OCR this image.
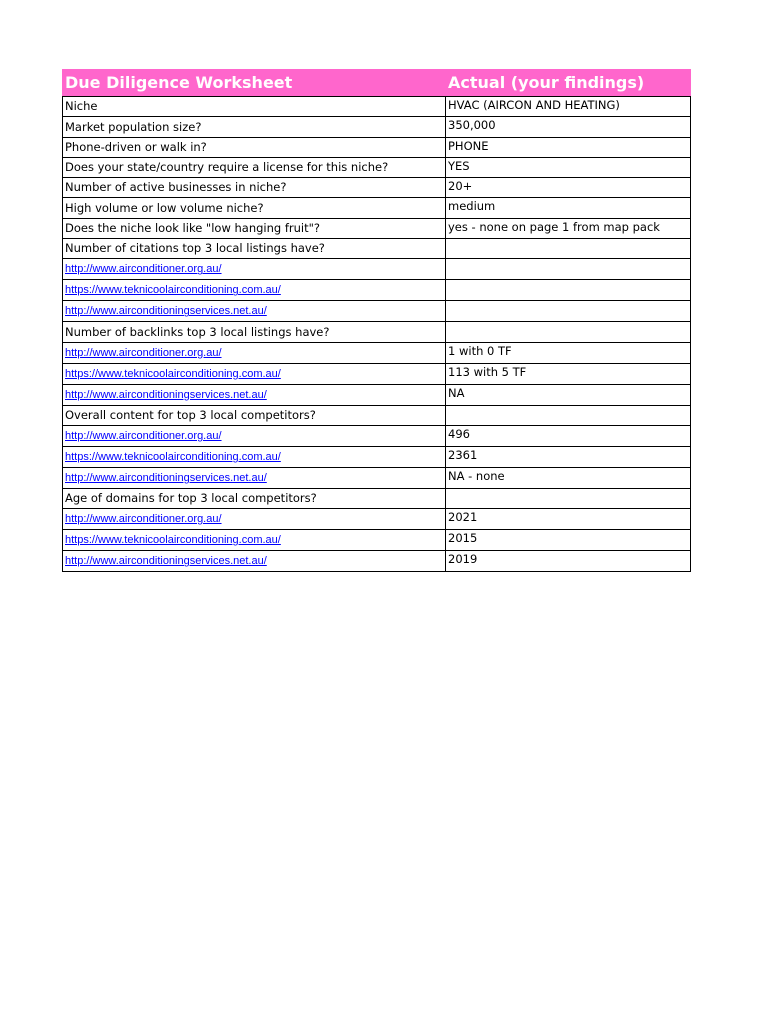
Due Diligence Worksheet	Actual (your findings)
Niche	HVAC (AIRCON AND HEATING)
Market population size?	350,000
Phone-driven or walk in?	PHONE
Does your state/country require a license for this niche?	YES
Number of active businesses in niche?	20+
High volume or low volume niche?	medium
Does the niche look like "low hanging fruit"?	yes - none on page 1 from map pack
Number of citations top 3 local listings have?	
http://www.airconditioner.org.au/	
https://www.teknicoolairconditioning.com.au/	
http://www.airconditioningservices.net.au/	
Number of backlinks top 3 local listings have?	
http://www.airconditioner.org.au/	1 with 0 TF
https://www.teknicoolairconditioning.com.au/	113 with 5 TF
http://www.airconditioningservices.net.au/	NA
Overall content for top 3 local competitors?	
http://www.airconditioner.org.au/	496
https://www.teknicoolairconditioning.com.au/	2361
http://www.airconditioningservices.net.au/	NA - none
Age of domains for top 3 local competitors?	
http://www.airconditioner.org.au/	2021
https://www.teknicoolairconditioning.com.au/	2015
http://www.airconditioningservices.net.au/	2019
